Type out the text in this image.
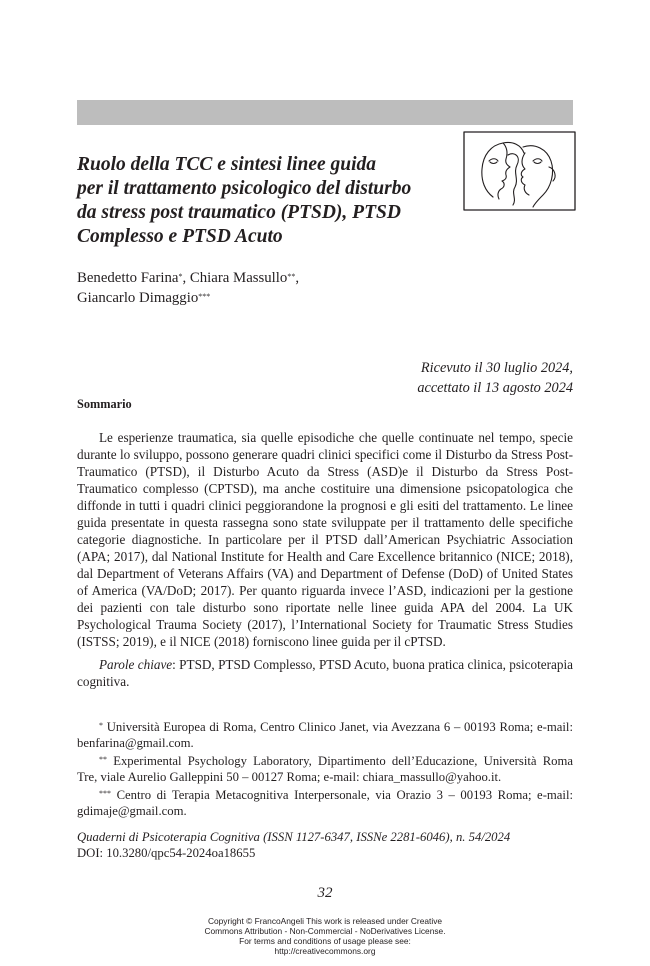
Ruolo della TCC e sintesi linee guida
per il trattamento psicologico del disturbo
da stress post traumatico (PTSD), PTSD
Complesso e PTSD Acuto
Benedetto Farina*, Chiara Massullo**,
Giancarlo Dimaggio***
Ricevuto il 30 luglio 2024,
accettato il 13 agosto 2024
Sommario

Le esperienze traumatica, sia quelle episodiche che quelle continuate nel tempo, specie durante lo sviluppo, possono generare quadri clinici specifici come il Disturbo da Stress Post-Traumatico (PTSD), il Disturbo Acuto da Stress (ASD)e il Disturbo da Stress Post-Traumatico complesso (CPTSD), ma anche costituire una dimensione psicopatologica che diffonde in tutti i quadri clinici peggiorandone la prognosi e gli esiti del trattamento. Le linee guida presentate in questa rassegna sono state sviluppate per il trattamento delle specifiche categorie diagnostiche. In particolare per il PTSD dall’American Psychiatric Association (APA; 2017), dal National Institute for Health and Care Excellence britannico (NICE; 2018), dal Department of Veterans Affairs (VA) and Department of Defense (DoD) of United States of America (VA/DoD; 2017). Per quanto riguarda invece l’ASD, indicazioni per la gestione dei pazienti con tale disturbo sono riportate nelle linee guida APA del 2004. La UK Psychological Trauma Society (2017), l’International Society for Traumatic Stress Studies (ISTSS; 2019), e il NICE (2018) forniscono linee guida per il cPTSD.

Parole chiave: PTSD, PTSD Complesso, PTSD Acuto, buona pratica clinica, psicoterapia cognitiva.

* Università Europea di Roma, Centro Clinico Janet, via Avezzana 6 – 00193 Roma; e-mail: benfarina@gmail.com.

** Experimental Psychology Laboratory, Dipartimento dell’Educazione, Università Roma Tre, viale Aurelio Galleppini 50 – 00127 Roma; e-mail: chiara_massullo@yahoo.it.

*** Centro di Terapia Metacognitiva Interpersonale, via Orazio 3 – 00193 Roma; e-mail: gdimaje@gmail.com.

Quaderni di Psicoterapia Cognitiva (ISSN 1127-6347, ISSNe 2281-6046), n. 54/2024
DOI: 10.3280/qpc54-2024oa18655
32
Copyright © FrancoAngeli This work is released under Creative
Commons Attribution - Non-Commercial - NoDerivatives License.
For terms and conditions of usage please see:
http://creativecommons.org
